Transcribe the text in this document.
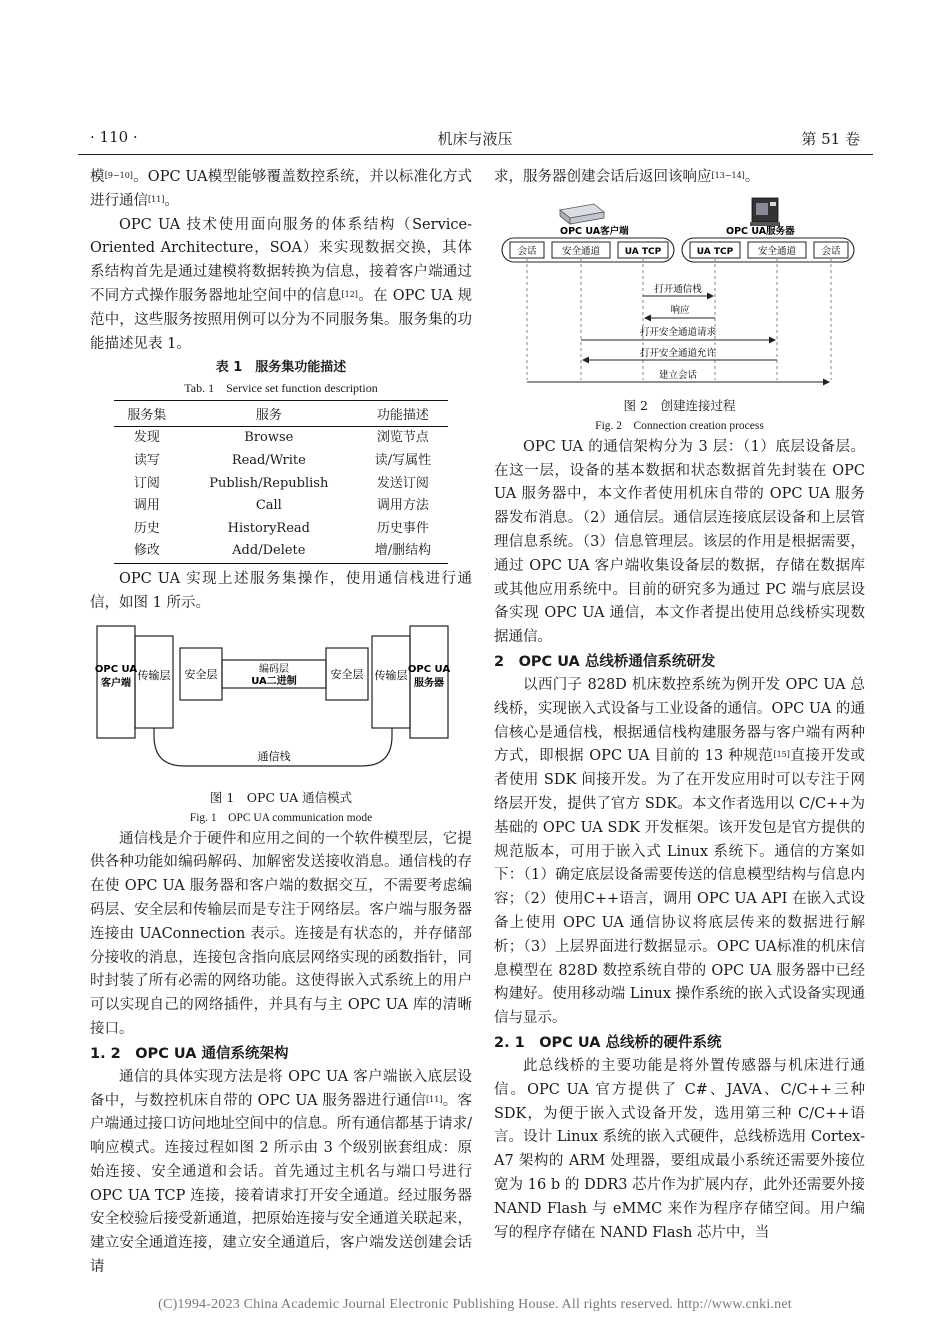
· 110 ·	机床与液压	第 51 卷

模[9−10]。OPC UA模型能够覆盖数控系统，并以标准化方式进行通信[11]。

OPC UA 技术使用面向服务的体系结构（Service-Oriented Architecture，SOA）来实现数据交换，其体系结构首先是通过建模将数据转换为信息，接着客户端通过不同方式操作服务器地址空间中的信息[12]。在 OPC UA 规范中，这些服务按照用例可以分为不同服务集。服务集的功能描述见表 1。

表 1　服务集功能描述
Tab. 1　Service set function description
服务集	服务	功能描述
发现	Browse	浏览节点
读写	Read/Write	读/写属性
订阅	Publish/Republish	发送订阅
调用	Call	调用方法
历史	HistoryRead	历史事件
修改	Add/Delete	增/删结构

OPC UA 实现上述服务集操作，使用通信栈进行通信，如图 1 所示。

OPC UA
客户端
传输层 安全层	编码层
UA二进制
安全层 传输层 OPC UA
服务器
通信栈
图 1　OPC UA 通信模式
Fig. 1　OPC UA communication mode

通信栈是介于硬件和应用之间的一个软件模型层，它提供各种功能如编码解码、加解密发送接收消息。通信栈的存在使 OPC UA 服务器和客户端的数据交互，不需要考虑编码层、安全层和传输层而是专注于网络层。客户端与服务器连接由 UAConnection 表示。连接是有状态的，并存储部分接收的消息，连接包含指向底层网络实现的函数指针，同时封装了所有必需的网络功能。这使得嵌入式系统上的用户可以实现自己的网络插件，并具有与主 OPC UA 库的清晰接口。

1. 2　OPC UA 通信系统架构

通信的具体实现方法是将 OPC UA 客户端嵌入底层设备中，与数控机床自带的 OPC UA 服务器进行通信[11]。客户端通过接口访问地址空间中的信息。所有通信都基于请求/响应模式。连接过程如图 2 所示由 3 个级别嵌套组成：原始连接、安全通道和会话。首先通过主机名与端口号进行 OPC UA TCP 连接，接着请求打开安全通道。经过服务器安全校验后接受新通道，把原始连接与安全通道关联起来，建立安全通道连接，建立安全通道后，客户端发送创建会话请

求，服务器创建会话后返回该响应[13−14]。

OPC UA客户端	OPC UA服务器
会话	安全通道	UA TCP	UA TCP	安全通道	会话
打开通信栈
响应
打开安全通道请求
打开安全通道允许
建立会话
图 2　创建连接过程
Fig. 2　Connection creation process

OPC UA 的通信架构分为 3 层：（1）底层设备层。在这一层，设备的基本数据和状态数据首先封装在 OPC UA 服务器中，本文作者使用机床自带的 OPC UA 服务器发布消息。（2）通信层。通信层连接底层设备和上层管理信息系统。（3）信息管理层。该层的作用是根据需要，通过 OPC UA 客户端收集设备层的数据，存储在数据库或其他应用系统中。目前的研究多为通过 PC 端与底层设备实现 OPC UA 通信，本文作者提出使用总线桥实现数据通信。

2　OPC UA 总线桥通信系统研发

以西门子 828D 机床数控系统为例开发 OPC UA 总线桥，实现嵌入式设备与工业设备的通信。OPC UA 的通信核心是通信栈，根据通信栈构建服务器与客户端有两种方式，即根据 OPC UA 目前的 13 种规范[15]直接开发或者使用 SDK 间接开发。为了在开发应用时可以专注于网络层开发，提供了官方 SDK。本文作者选用以 C/C++为基础的 OPC UA SDK 开发框架。该开发包是官方提供的规范版本，可用于嵌入式 Linux 系统下。通信的方案如下：（1）确定底层设备需要传送的信息模型结构与信息内容；（2）使用C++语言，调用 OPC UA API 在嵌入式设备上使用 OPC UA 通信协议将底层传来的数据进行解析；（3）上层界面进行数据显示。OPC UA标准的机床信息模型在 828D 数控系统自带的 OPC UA 服务器中已经构建好。使用移动端 Linux 操作系统的嵌入式设备实现通信与显示。

2. 1　OPC UA 总线桥的硬件系统

此总线桥的主要功能是将外置传感器与机床进行通信。OPC UA 官方提供了 C#、JAVA、C/C++三种 SDK，为便于嵌入式设备开发，选用第三种 C/C++语言。设计 Linux 系统的嵌入式硬件，总线桥选用 Cortex-A7 架构的 ARM 处理器，要组成最小系统还需要外接位宽为 16 b 的 DDR3 芯片作为扩展内存，此外还需要外接 NAND Flash 与 eMMC 来作为程序存储空间。用户编写的程序存储在 NAND Flash 芯片中，当

(C)1994-2023 China Academic Journal Electronic Publishing House. All rights reserved. http://www.cnki.net
